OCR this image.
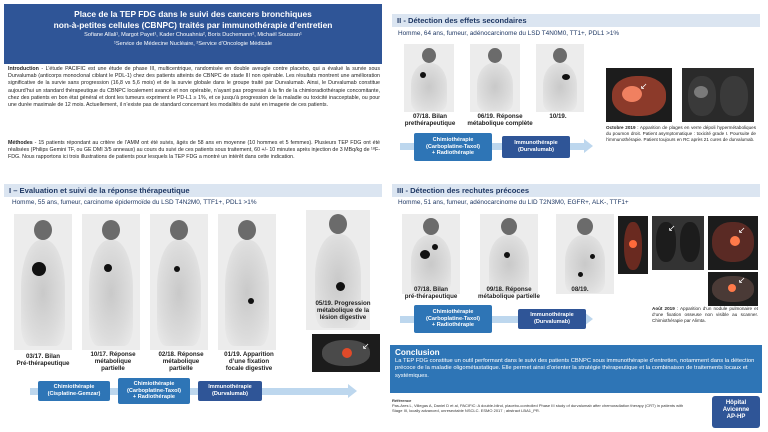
Place de la TEP FDG dans le suivi des cancers bronchiques
non-à-petites cellules (CBNPC) traités par immunothérapie d’entretien
Sofiane Allali¹, Margot Payet¹, Kader Chouahnia², Boris Duchemann², Michaël Soussan¹
¹Service de Médecine Nucléaire, ²Service d’Oncologie Médicale
Introduction - L’étude PACIFIC est une étude de phase III, multicentrique, randomisée en double aveugle contre placebo, qui a évalué la survie sous Durvalumab (anticorps monoclonal ciblant le PDL-1) chez des patients atteints de CBNPC de stade III non opérable. Les résultats montrent une amélioration significative de la survie sans progression (16,8 vs 5,6 mois) et de la survie globale dans le groupe traité par Durvalumab. Ainsi, le Durvalumab constitue aujourd’hui un standard thérapeutique du CBNPC localement avancé et non opérable, n’ayant pas progressé à la fin de la chimioradiothérapie concomitante, chez des patients en bon état général et dont les tumeurs expriment le PD-L1 ≥ 1%, et ce jusqu’à progression de la maladie ou toxicité inacceptable, ou pour une durée maximale de 12 mois. Actuellement, il n’existe pas de standard concernant les modalités de suivi en imagerie de ces patients.
Méthodes - 15 patients répondant au critère de l’AMM ont été suivis, âgés de 58 ans en moyenne (10 hommes et 5 femmes). Plusieurs TEP FDG ont été réalisées (Philips Gemini TF, ou GE DMI 3/5 anneaux) au cours du suivi de ces patients sous traitement, 60 +/- 10 minutes après injection de 3 MBq/kg de ¹⁸F-FDG. Nous rapportons ici trois illustrations de patients pour lesquels la TEP FDG a montré un intérêt dans cette indication.
I – Evaluation et suivi de la réponse thérapeutique
Homme, 55 ans, fumeur, carcinome épidermoïde du LSD T4N2M0, TTF1+, PDL1 >1%
↙
03/17. Bilan
Pré-thérapeutique
10/17. Réponse
métabolique
partielle
02/18. Réponse
métabolique
partielle
01/19. Apparition
d’une fixation
focale digestive
05/19. Progression
métabolique de la
lésion digestive
Chimiothérapie
(Cisplatine-Gemzar)
Chimiothérapie
(Carboplatine-Taxol)
+ Radiothérapie
Immunothérapie
(Durvalumab)
II - Détection des effets secondaires
Homme, 64 ans, fumeur, adénocarcinome du LSD T4N0M0, TT1+, PDL1 >1%
↙
07/18. Bilan
prethérapeutique
06/19. Réponse
métabolique complète
10/19.
Chimiothérapie
(Carboplatine-Taxol)
+ Radiothérapie
Immunothérapie
(Durvalumab)
Octobre 2019 : Apparition de plages en verre dépoli hypermétaboliques du poumon droit. Patient asymptomatique : toxicité grade I. Poursuite de l’immunothérapie. Patient toujours en RC après 21 cures de durvalumab.
III - Détection des rechutes précoces
Homme, 51 ans, fumeur, adénocarcinome du LID T2N3M0, EGFR+, ALK-, TTF1+
↙	↙
↙
07/18. Bilan
pré-thérapeutique
09/18. Réponse
métabolique partielle
08/19.
Chimiothérapie
(Carboplatine-Taxol)
+ Radiothérapie
Immunothérapie
(Durvalumab)
Août 2019 : Apparition d’un nodule pulmonaire et d’une fixation osseuse non visible au scanner. Chimiothérapie par Alimta.
Conclusion
La TEP FDG constitue un outil performant dans le suivi des patients CBNPC sous immunothérapie d’entretien, notamment dans la détection précoce de la maladie oligométastatique. Elle permet ainsi d’orienter la stratégie thérapeutique et la combinaison de traitements locaux et systémiques.
Référence
Pas-Ares L, Villegas A, Daniel D et al, PACIFIC: A double-blind, placebo-controlled Phase III study of durvalumab after chemoradiation therapy (CRT) in patients with Stage III, locally advanced, unresectable NSCLC. ESMO 2017 ; abstract LBA1_PR.
Hôpital
Avicenne
AP-HP
